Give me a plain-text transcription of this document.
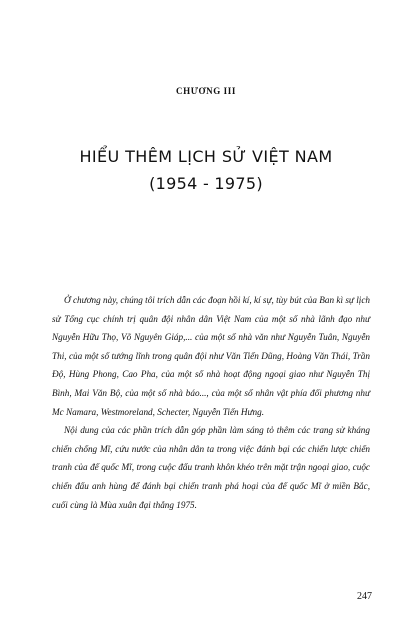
CHƯƠNG III
HIỂU THÊM LỊCH SỬ VIỆT NAM
(1954 - 1975)

Ở chương này, chúng tôi trích dẫn các đoạn hồi kí, kí sự, tùy bút của Ban kì sự lịch sử Tổng cục chính trị quân đội nhân dân Việt Nam của một số nhà lãnh đạo như Nguyễn Hữu Thọ, Võ Nguyên Giáp,... của một số nhà văn như Nguyễn Tuân, Nguyễn Thi, của một số tướng lĩnh trong quân đội như Văn Tiến Dũng, Hoàng Văn Thái, Trần Độ, Hùng Phong, Cao Pha, của một số nhà hoạt động ngoại giao như Nguyễn Thị Bình, Mai Văn Bộ, của một số nhà báo..., của một số nhân vật phía đối phương như Mc Namara, Westmoreland, Schecter, Nguyễn Tiến Hưng.

Nội dung của các phần trích dẫn góp phần làm sáng tỏ thêm các trang sử kháng chiến chống Mĩ, cứu nước của nhân dân ta trong việc đánh bại các chiến lược chiến tranh của đế quốc Mĩ, trong cuộc đấu tranh khôn khéo trên mặt trận ngoại giao, cuộc chiến đấu anh hùng để đánh bại chiến tranh phá hoại của đế quốc Mĩ ở miền Bắc, cuối cùng là Mùa xuân đại thắng 1975.

247
